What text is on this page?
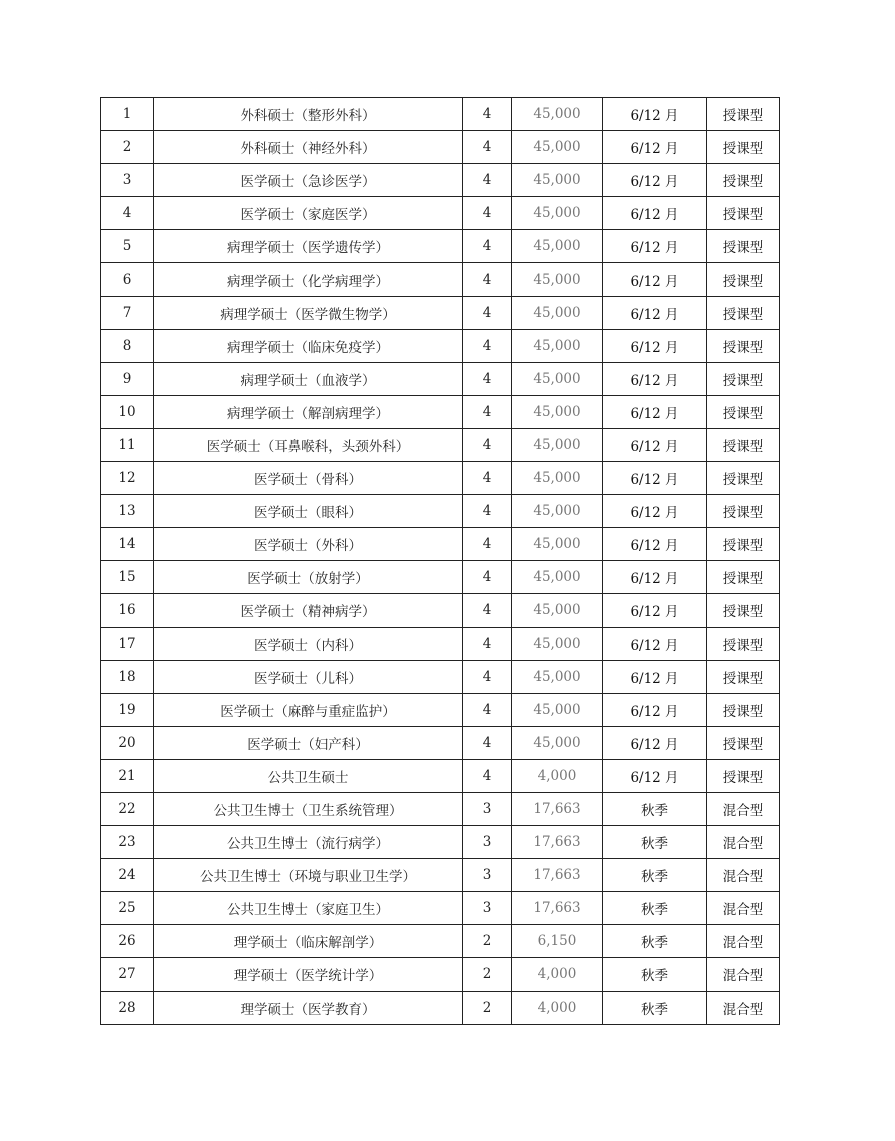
1	外科硕士（整形外科）	4	45,000	6/12 月	授课型
2	外科硕士（神经外科）	4	45,000	6/12 月	授课型
3	医学硕士（急诊医学）	4	45,000	6/12 月	授课型
4	医学硕士（家庭医学）	4	45,000	6/12 月	授课型
5	病理学硕士（医学遗传学）	4	45,000	6/12 月	授课型
6	病理学硕士（化学病理学）	4	45,000	6/12 月	授课型
7	病理学硕士（医学微生物学）	4	45,000	6/12 月	授课型
8	病理学硕士（临床免疫学）	4	45,000	6/12 月	授课型
9	病理学硕士（血液学）	4	45,000	6/12 月	授课型
10	病理学硕士（解剖病理学）	4	45,000	6/12 月	授课型
11	医学硕士（耳鼻喉科，头颈外科）	4	45,000	6/12 月	授课型
12	医学硕士（骨科）	4	45,000	6/12 月	授课型
13	医学硕士（眼科）	4	45,000	6/12 月	授课型
14	医学硕士（外科）	4	45,000	6/12 月	授课型
15	医学硕士（放射学）	4	45,000	6/12 月	授课型
16	医学硕士（精神病学）	4	45,000	6/12 月	授课型
17	医学硕士（内科）	4	45,000	6/12 月	授课型
18	医学硕士（儿科）	4	45,000	6/12 月	授课型
19	医学硕士（麻醉与重症监护）	4	45,000	6/12 月	授课型
20	医学硕士（妇产科）	4	45,000	6/12 月	授课型
21	公共卫生硕士	4	4,000	6/12 月	授课型
22	公共卫生博士（卫生系统管理）	3	17,663	秋季	混合型
23	公共卫生博士（流行病学）	3	17,663	秋季	混合型
24	公共卫生博士（环境与职业卫生学）	3	17,663	秋季	混合型
25	公共卫生博士（家庭卫生）	3	17,663	秋季	混合型
26	理学硕士（临床解剖学）	2	6,150	秋季	混合型
27	理学硕士（医学统计学）	2	4,000	秋季	混合型
28	理学硕士（医学教育）	2	4,000	秋季	混合型
